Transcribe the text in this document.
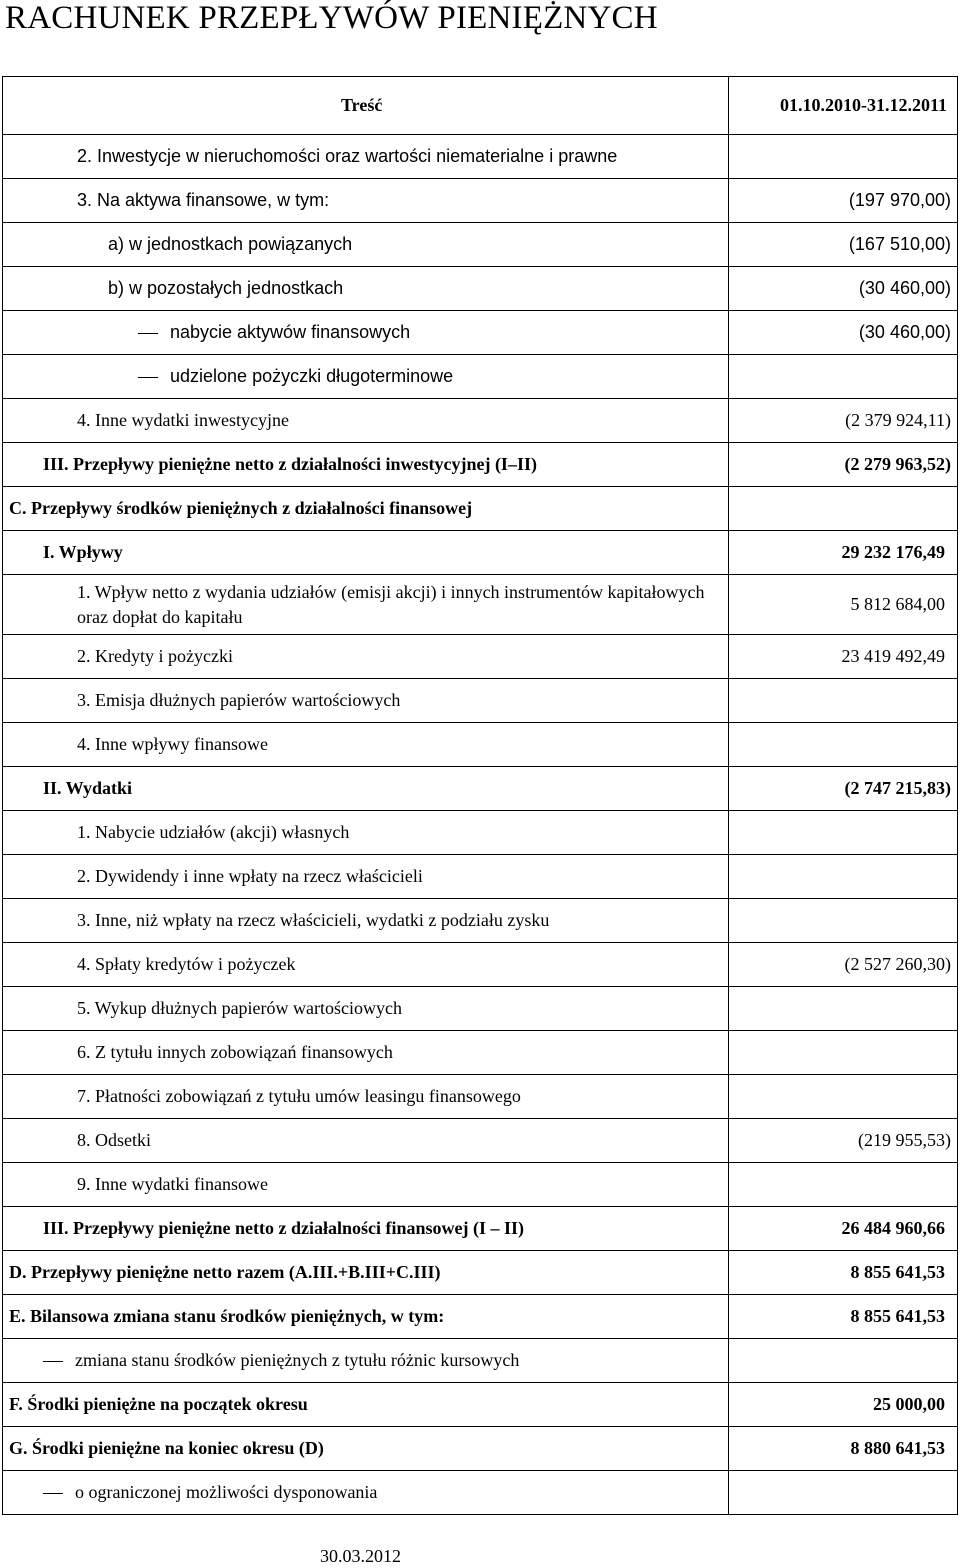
RACHUNEK PRZEPŁYWÓW PIENIĘŻNYCH
Treść	01.10.2010-31.12.2011
2. Inwestycje w nieruchomości oraz wartości niematerialne i prawne	
3. Na aktywa finansowe, w tym:	(197 970,00)
a) w jednostkach powiązanych	(167 510,00)
b) w pozostałych jednostkach	(30 460,00)
nabycie aktywów finansowych	(30 460,00)
udzielone pożyczki długoterminowe	
4. Inne wydatki inwestycyjne	(2 379 924,11)
III. Przepływy pieniężne netto z działalności inwestycyjnej (I–II)	(2 279 963,52)
C. Przepływy środków pieniężnych z działalności finansowej	
I. Wpływy	29 232 176,49
1. Wpływ netto z wydania udziałów (emisji akcji) i innych instrumentów kapitałowych oraz dopłat do kapitału	5 812 684,00
2. Kredyty i pożyczki	23 419 492,49
3. Emisja dłużnych papierów wartościowych	
4. Inne wpływy finansowe	
II. Wydatki	(2 747 215,83)
1. Nabycie udziałów (akcji) własnych	
2. Dywidendy i inne wpłaty na rzecz właścicieli	
3. Inne, niż wpłaty na rzecz właścicieli, wydatki z podziału zysku	
4. Spłaty kredytów i pożyczek	(2 527 260,30)
5. Wykup dłużnych papierów wartościowych	
6. Z tytułu innych zobowiązań finansowych	
7. Płatności zobowiązań z tytułu umów leasingu finansowego	
8. Odsetki	(219 955,53)
9. Inne wydatki finansowe	
III. Przepływy pieniężne netto z działalności finansowej (I – II)	26 484 960,66
D. Przepływy pieniężne netto razem (A.III.+B.III+C.III)	8 855 641,53
E. Bilansowa zmiana stanu środków pieniężnych, w tym:	8 855 641,53
zmiana stanu środków pieniężnych z tytułu różnic kursowych	
F. Środki pieniężne na początek okresu	25 000,00
G. Środki pieniężne na koniec okresu (D)	8 880 641,53
o ograniczonej możliwości dysponowania	
30.03.2012
